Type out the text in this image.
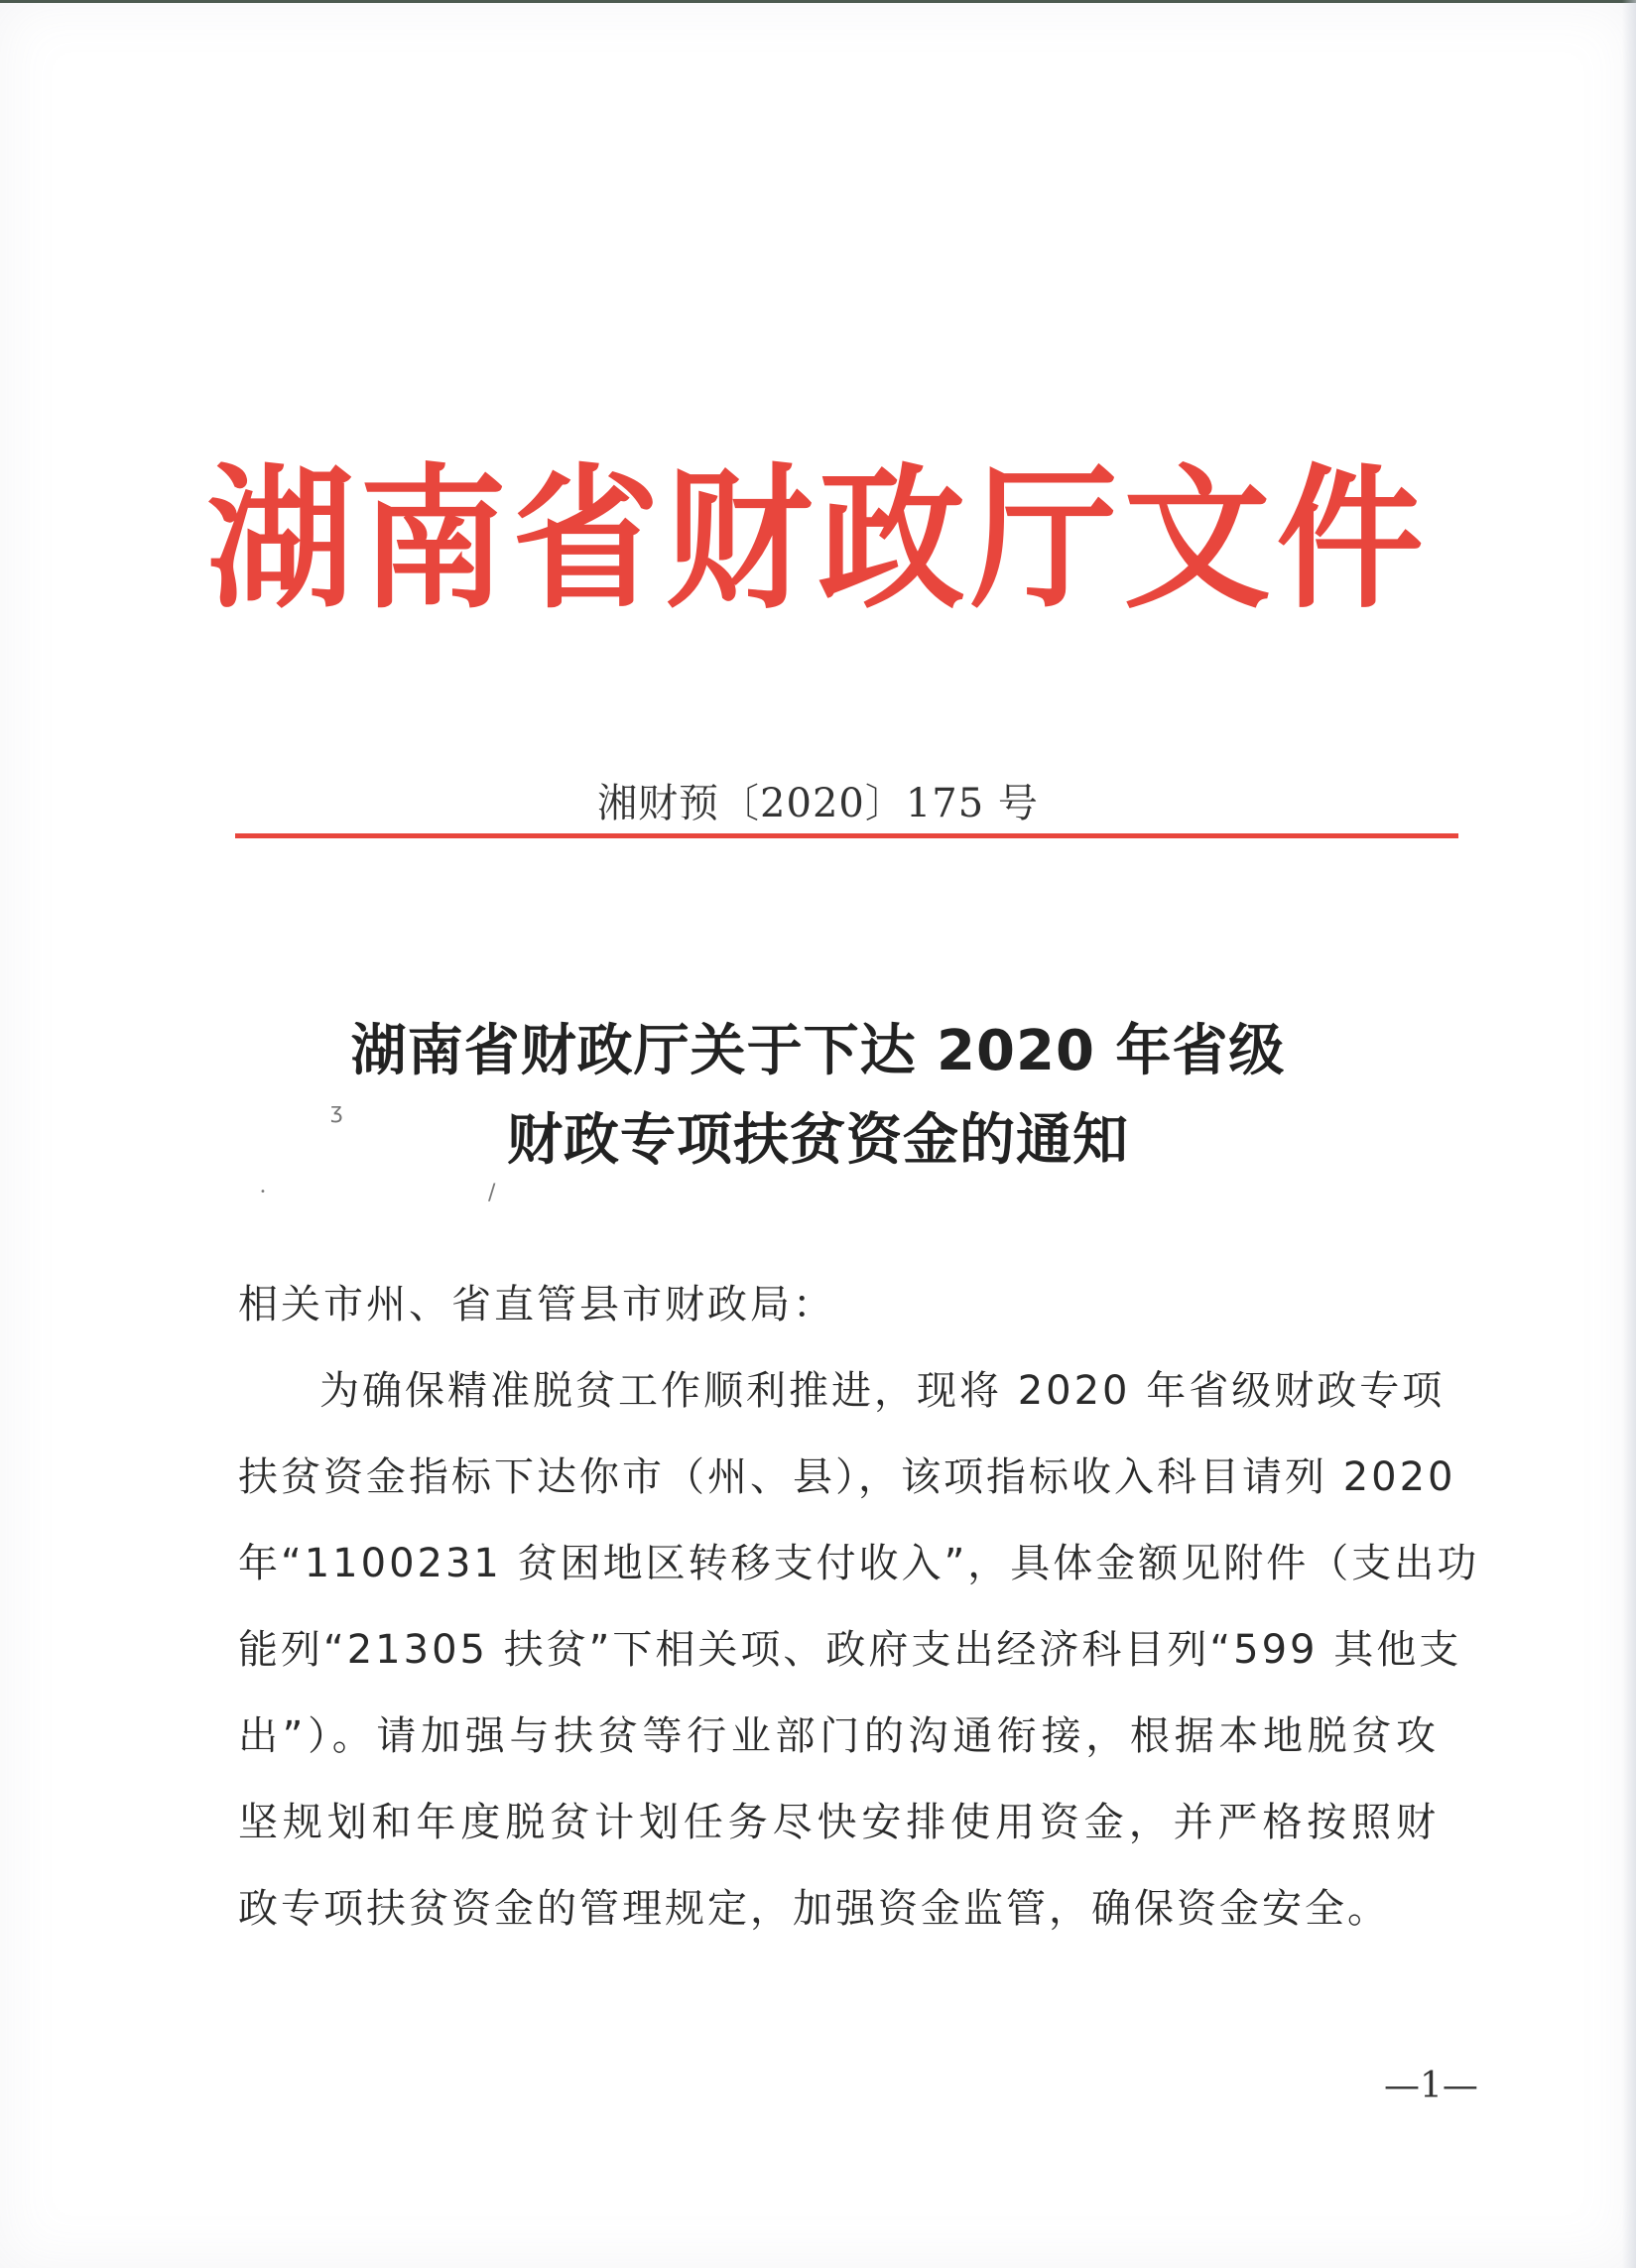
湖南省财政厅文件
湘财预〔2020〕175 号
湖南省财政厅关于下达 2020 年省级
财政专项扶贫资金的通知
ʒ
/
•
相关市州、省直管县市财政局：
为确保精准脱贫工作顺利推进，现将 2020 年省级财政专项
扶贫资金指标下达你市（州、县），该项指标收入科目请列 2020
年“1100231 贫困地区转移支付收入”，具体金额见附件（支出功
能列“21305 扶贫”下相关项、政府支出经济科目列“599 其他支
出”）。请加强与扶贫等行业部门的沟通衔接，根据本地脱贫攻
坚规划和年度脱贫计划任务尽快安排使用资金，并严格按照财
政专项扶贫资金的管理规定，加强资金监管，确保资金安全。
—1—
